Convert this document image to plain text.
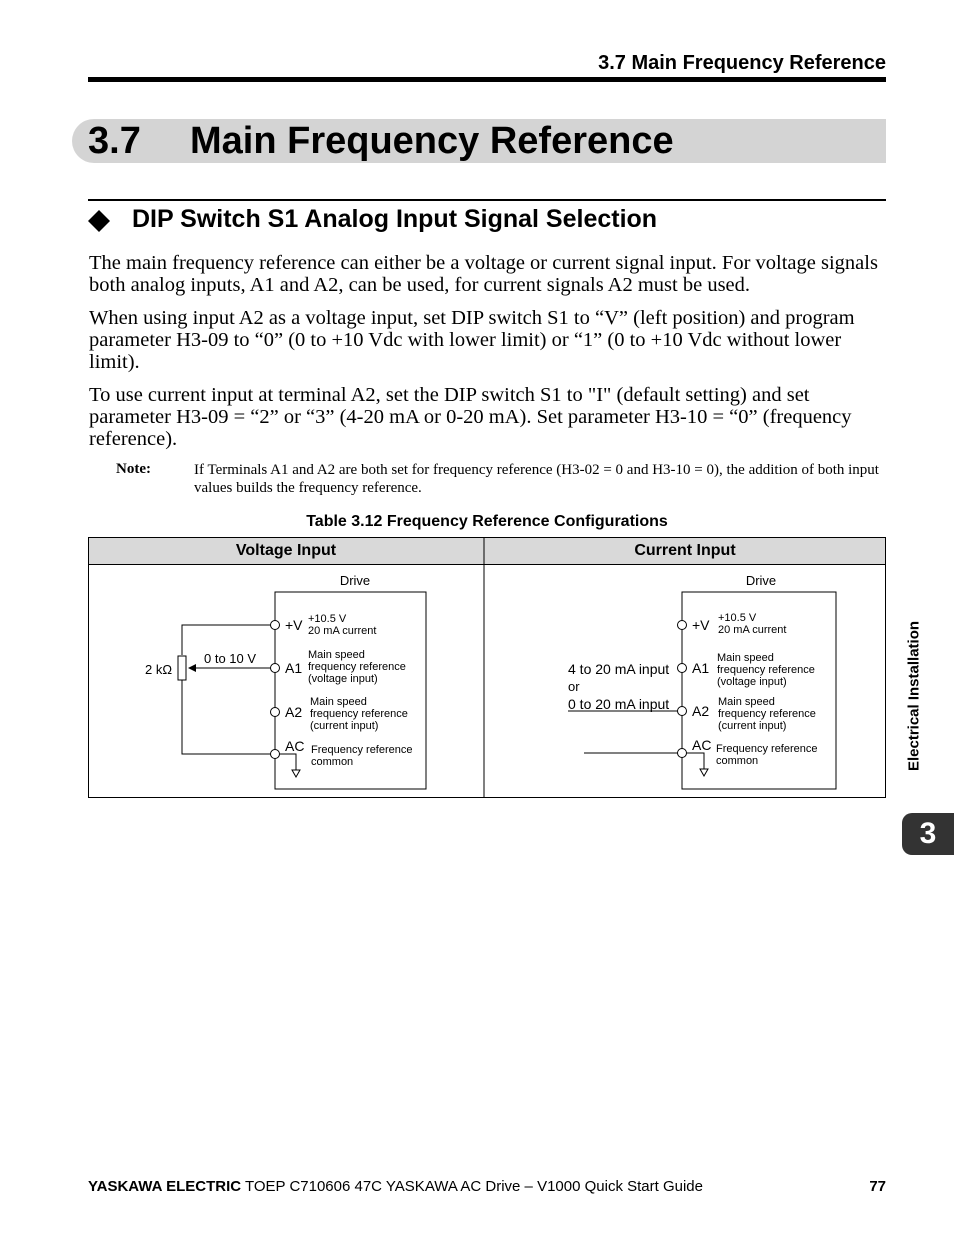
3.7 Main Frequency Reference
3.7 Main Frequency Reference
DIP Switch S1 Analog Input Signal Selection

The main frequency reference can either be a voltage or current signal input. For voltage signals both analog inputs, A1 and A2, can be used, for current signals A2 must be used.

When using input A2 as a voltage input, set DIP switch S1 to “V” (left position) and program parameter H3-09 to “0” (0 to +10 Vdc with lower limit) or “1” (0 to +10 Vdc without lower limit).

To use current input at terminal A2, set the DIP switch S1 to "I" (default setting) and set parameter H3-09 = “2” or “3” (4-20 mA or 0-20 mA). Set parameter H3-10 = “0” (frequency reference).

Note:	If Terminals A1 and A2 are both set for frequency reference (H3-02 = 0 and H3-10 = 0), the addition of both input values builds the frequency reference.
Table 3.12 Frequency Reference Configurations
Voltage Input	Current Input
Drive
2 kΩ
0 to 10 V
+V
A1
A2
AC
+10.5 V
20 mA current
Main speed
frequency reference
(voltage input)
Main speed
frequency reference
(current input)
Frequency reference
common
Drive
4 to 20 mA input
or
0 to 20 mA input
+V
A1
A2
AC
+10.5 V
20 mA current
Main speed
frequency reference
(voltage input)
Main speed
frequency reference
(current input)
Frequency reference
common	Electrical Installation
3
YASKAWA ELECTRIC TOEP C710606 47C YASKAWA AC Drive – V1000 Quick Start Guide	77
